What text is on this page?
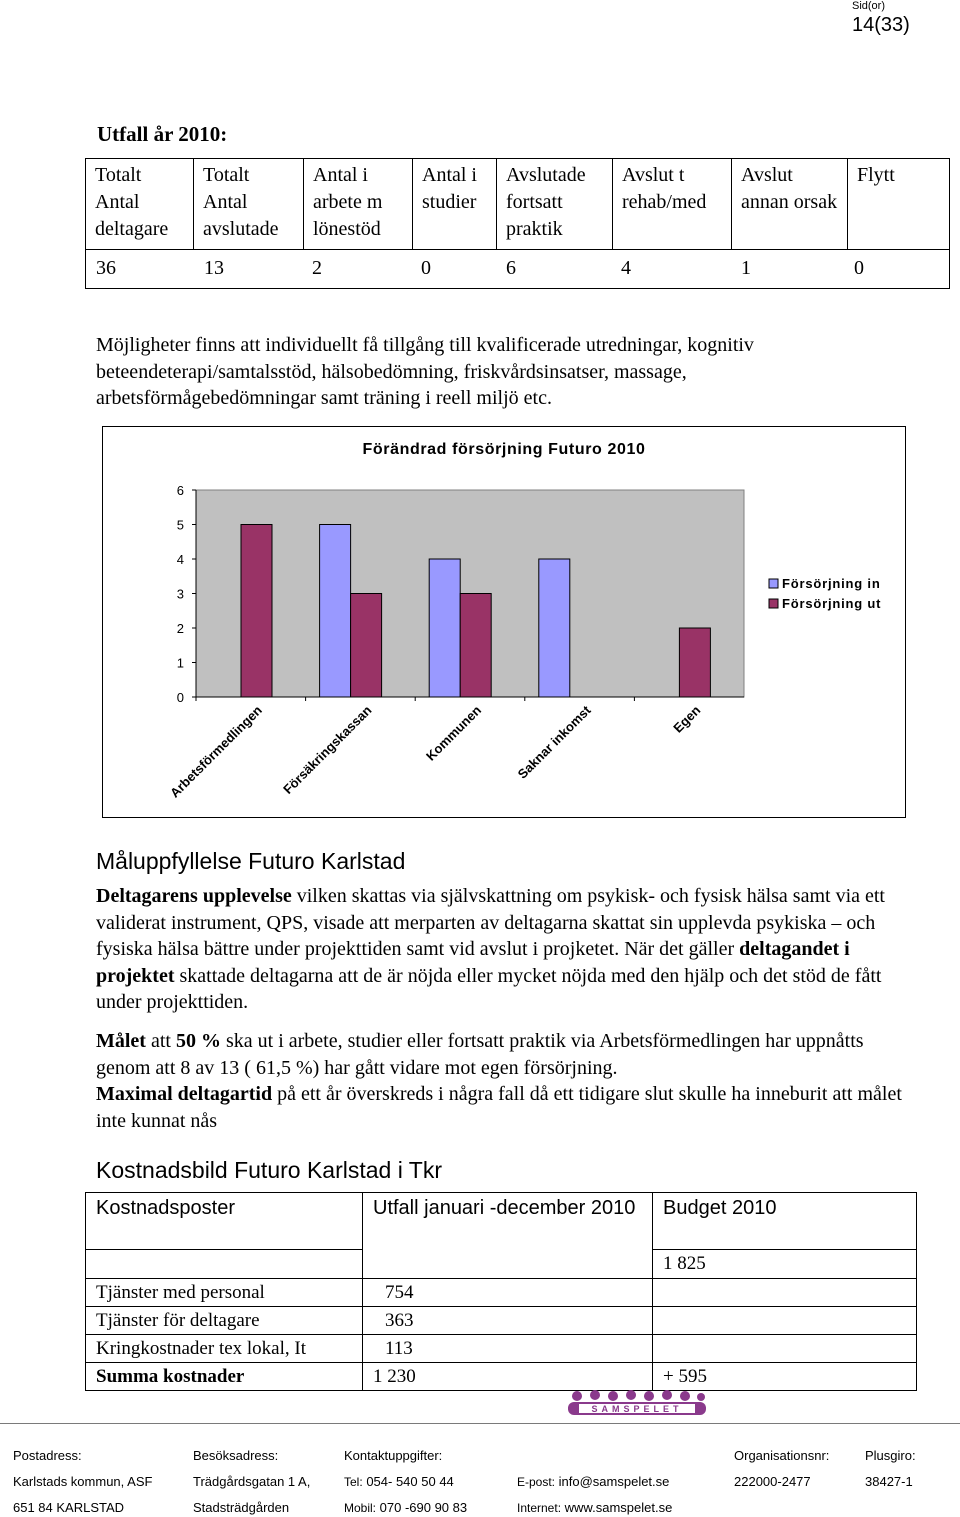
Sid(or)
14(33)
Utfall år 2010:
Totalt Antal deltagare	Totalt Antal avslutade	Antal i arbete m lönestöd	Antal i studier	Avslutade fortsatt praktik	Avslut t rehab/med	Avslut annan orsak	Flytt

36	13	2	0	6	4	1	0
Möjligheter finns att individuellt få tillgång till kvalificerade utredningar, kognitiv beteendeterapi/samtalsstöd, hälsobedömning, friskvårdsinsatser, massage, arbetsförmågebedömningar samt träning i reell miljö etc.
Förändrad försörjning Futuro 2010
0
1
2
3
4
5
6
Arbetsförmedlingen Försäkringskassan	Kommunen Saknar inkomst	Egen
Försörjning in
Försörjning ut
Måluppfyllelse Futuro Karlstad
Deltagarens upplevelse vilken skattas via självskattning om psykisk- och fysisk hälsa samt via ett validerat instrument, QPS, visade att merparten av deltagarna skattat sin upplevda psykiska – och fysiska hälsa bättre under projekttiden samt vid avslut i projketet. När det gäller deltagandet i projektet skattade deltagarna att de är nöjda eller mycket nöjda med den hjälp och det stöd de fått under projekttiden.
Målet att 50 % ska ut i arbete, studier eller fortsatt praktik via Arbetsförmedlingen har uppnåtts genom att 8 av 13 ( 61,5 %) har gått vidare mot egen försörjning.
Maximal deltagartid på ett år överskreds i några fall då ett tidigare slut skulle ha inneburit att målet inte kunnat nås
Kostnadsbild Futuro Karlstad i Tkr
Kostnadsposter	Utfall januari -december 2010	Budget 2010
		1 825
Tjänster med personal	754	
Tjänster för deltagare	363	
Kringkostnader tex lokal, It	113	
Summa kostnader	1 230	+ 595
SAMSPELET
Postadress:
Karlstads kommun, ASF
651 84 KARLSTAD
Besöksadress:
Trädgårdsgatan 1 A,
Stadsträdgården
Kontaktuppgifter:
Tel: 054- 540 50 44
Mobil: 070 -690 90 83
E-post: info@samspelet.se
Internet: www.samspelet.se
Organisationsnr:
222000-2477
Plusgiro:
38427-1
